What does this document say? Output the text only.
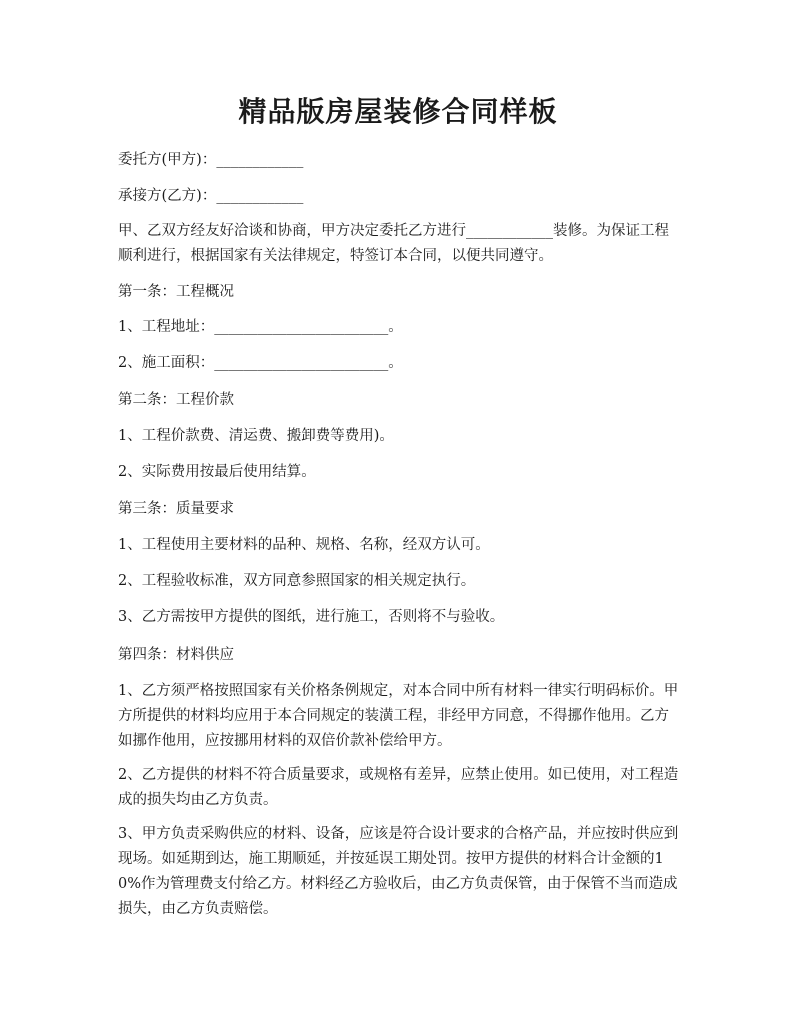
精品版房屋装修合同样板

委托方(甲方)：____________

承接方(乙方)：____________

甲、乙双方经友好洽谈和协商，甲方决定委托乙方进行____________装修。为保证工程顺利进行，根据国家有关法律规定，特签订本合同，以便共同遵守。

第一条：工程概况

1、工程地址：________________________。

2、施工面积：________________________。

第二条：工程价款

1、工程价款费、清运费、搬卸费等费用)。

2、实际费用按最后使用结算。

第三条：质量要求

1、工程使用主要材料的品种、规格、名称，经双方认可。

2、工程验收标准，双方同意参照国家的相关规定执行。

3、乙方需按甲方提供的图纸，进行施工，否则将不与验收。

第四条：材料供应

1、乙方须严格按照国家有关价格条例规定，对本合同中所有材料一律实行明码标价。甲方所提供的材料均应用于本合同规定的装潢工程，非经甲方同意，不得挪作他用。乙方如挪作他用，应按挪用材料的双倍价款补偿给甲方。

2、乙方提供的材料不符合质量要求，或规格有差异，应禁止使用。如已使用，对工程造成的损失均由乙方负责。

3、甲方负责采购供应的材料、设备，应该是符合设计要求的合格产品，并应按时供应到现场。如延期到达，施工期顺延，并按延误工期处罚。按甲方提供的材料合计金额的10%作为管理费支付给乙方。材料经乙方验收后，由乙方负责保管，由于保管不当而造成损失，由乙方负责赔偿。
